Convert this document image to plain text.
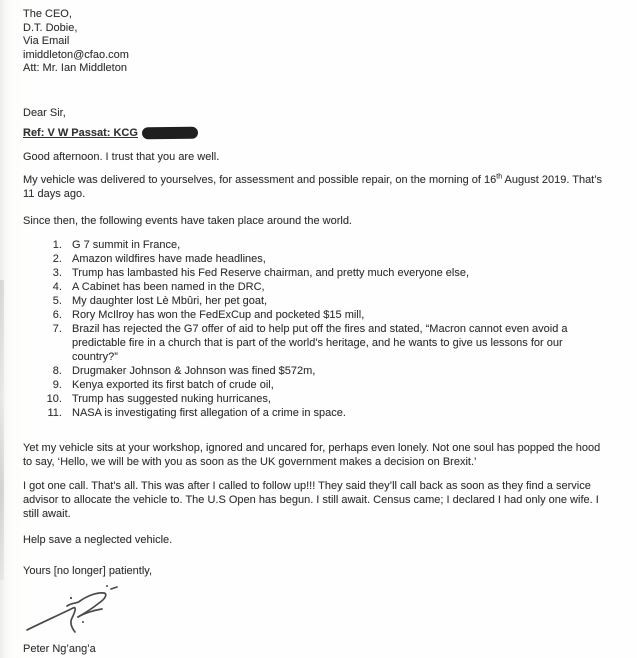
The CEO,
D.T. Dobie,
Via Email
imiddleton@cfao.com
Att: Mr. Ian Middleton

Dear Sir,

Ref: V W Passat: KCG

Good afternoon. I trust that you are well.

My vehicle was delivered to yourselves, for assessment and possible repair, on the morning of 16th August 2019. That’s 11 days ago.

Since then, the following events have taken place around the world.

1. G 7 summit in France,
2. Amazon wildfires have made headlines,
3. Trump has lambasted his Fed Reserve chairman, and pretty much everyone else,
4. A Cabinet has been named in the DRC,
5. My daughter lost Lè Mbûri, her pet goat,
6. Rory McIlroy has won the FedExCup and pocketed $15 mill,
7. Brazil has rejected the G7 offer of aid to help put off the fires and stated, “Macron cannot even avoid a predictable fire in a church that is part of the world's heritage, and he wants to give us lessons for our country?”
8. Drugmaker Johnson & Johnson was fined $572m,
9. Kenya exported its first batch of crude oil,
10. Trump has suggested nuking hurricanes,
11. NASA is investigating first allegation of a crime in space.

Yet my vehicle sits at your workshop, ignored and uncared for, perhaps even lonely. Not one soul has popped the hood to say, ‘Hello, we will be with you as soon as the UK government makes a decision on Brexit.’

I got one call. That’s all. This was after I called to follow up!!! They said they’ll call back as soon as they find a service advisor to allocate the vehicle to. The U.S Open has begun. I still await. Census came; I declared I had only one wife. I still await.

Help save a neglected vehicle.

Yours [no longer] patiently,

Peter Ng’ang’a
